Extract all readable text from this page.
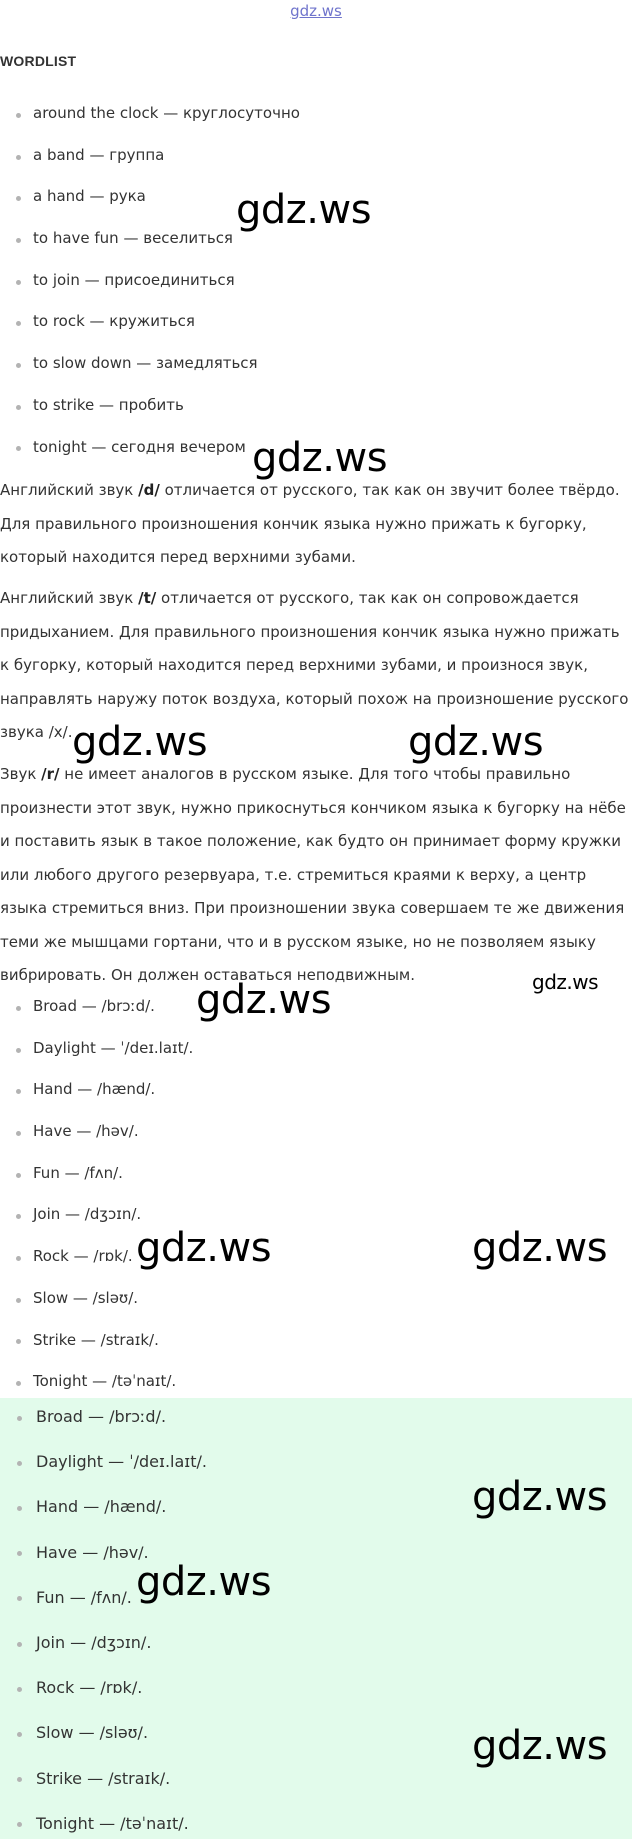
gdz.ws
WORDLIST
around the clock — круглосуточно
a band — группа
a hand — рука
to have fun — веселиться
to join — присоединиться
to rock — кружиться
to slow down — замедляться
to strike — пробить
tonight — сегодня вечером

Английский звук /d/ отличается от русского, так как он звучит более твёрдо. Для правильного произношения кончик языка нужно прижать к бугорку, который находится перед верхними зубами.

Английский звук /t/ отличается от русского, так как он сопровождается придыханием. Для правильного произношения кончик языка нужно прижать к бугорку, который находится перед верхними зубами, и произнося звук, направлять наружу поток воздуха, который похож на произношение русского звука /х/.

Звук /r/ не имеет аналогов в русском языке. Для того чтобы правильно произнести этот звук, нужно прикоснуться кончиком языка к бугорку на нёбе и поставить язык в такое положение, как будто он принимает форму кружки или любого другого резервуара, т.е. стремиться краями к верху, а центр языка стремиться вниз. При произношении звука совершаем те же движения теми же мышцами гортани, что и в русском языке, но не позволяем языку вибрировать. Он должен оставаться неподвижным.

Broad — /brɔːd/.
Daylight — ˈ/deɪ.laɪt/.
Hand — /hænd/.
Have — /həv/.
Fun — /fʌn/.
Join — /dʒɔɪn/.
Rock — /rɒk/.
Slow — /sləʊ/.
Strike — /straɪk/.
Tonight — /təˈnaɪt/.
Broad — /brɔːd/.
Daylight — ˈ/deɪ.laɪt/.
Hand — /hænd/.
Have — /həv/.
Fun — /fʌn/.
Join — /dʒɔɪn/.
Rock — /rɒk/.
Slow — /sləʊ/.
Strike — /straɪk/.
Tonight — /təˈnaɪt/.
gdz.ws
gdz.ws
gdz.ws	gdz.ws
gdz.ws
gdz.ws
gdz.ws	gdz.ws
gdz.ws
gdz.ws
gdz.ws
